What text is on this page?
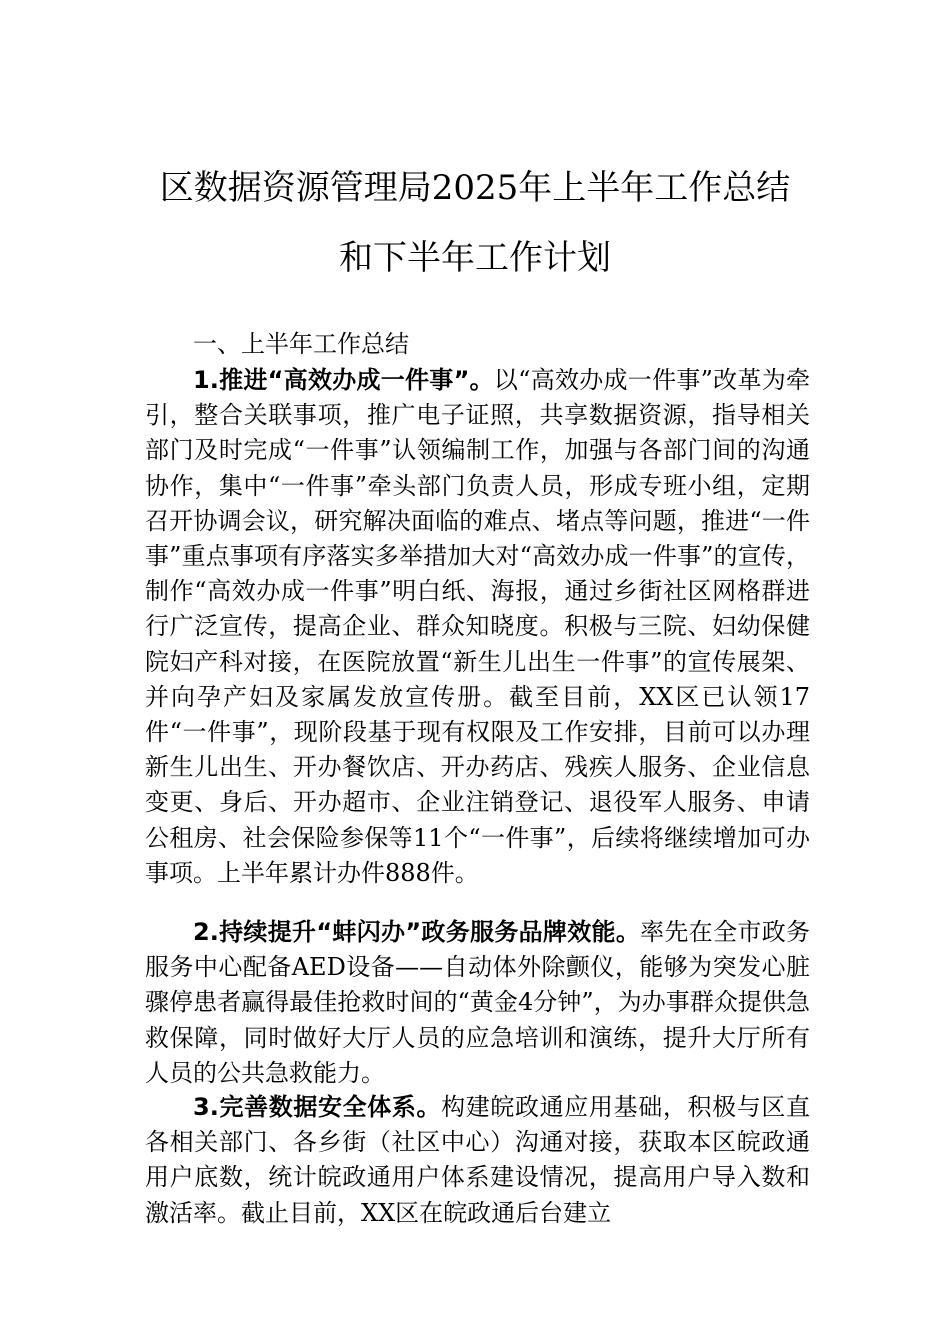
区数据资源管理局2025年上半年工作总结
和下半年工作计划
一、上半年工作总结

1.推进“高效办成一件事”。以“高效办成一件事”改革为牵引，整合关联事项，推广电子证照，共享数据资源，指导相关部门及时完成“一件事”认领编制工作，加强与各部门间的沟通协作，集中“一件事”牵头部门负责人员，形成专班小组，定期召开协调会议，研究解决面临的难点、堵点等问题，推进“一件事”重点事项有序落实多举措加大对“高效办成一件事”的宣传，制作“高效办成一件事”明白纸、海报，通过乡街社区网格群进行广泛宣传，提高企业、群众知晓度。积极与三院、妇幼保健院妇产科对接，在医院放置“新生儿出生一件事”的宣传展架、并向孕产妇及家属发放宣传册。截至目前，XX区已认领17件“一件事”，现阶段基于现有权限及工作安排，目前可以办理新生儿出生、开办餐饮店、开办药店、残疾人服务、企业信息变更、身后、开办超市、企业注销登记、退役军人服务、申请公租房、社会保险参保等11个“一件事”，后续将继续增加可办事项。上半年累计办件888件。

2.持续提升“蚌闪办”政务服务品牌效能。率先在全市政务服务中心配备AED设备——自动体外除颤仪，能够为突发心脏骤停患者赢得最佳抢救时间的“黄金4分钟”，为办事群众提供急救保障，同时做好大厅人员的应急培训和演练，提升大厅所有人员的公共急救能力。

3.完善数据安全体系。构建皖政通应用基础，积极与区直各相关部门、各乡街（社区中心）沟通对接，获取本区皖政通用户底数，统计皖政通用户体系建设情况，提高用户导入数和激活率。截止目前，XX区在皖政通后台建立
